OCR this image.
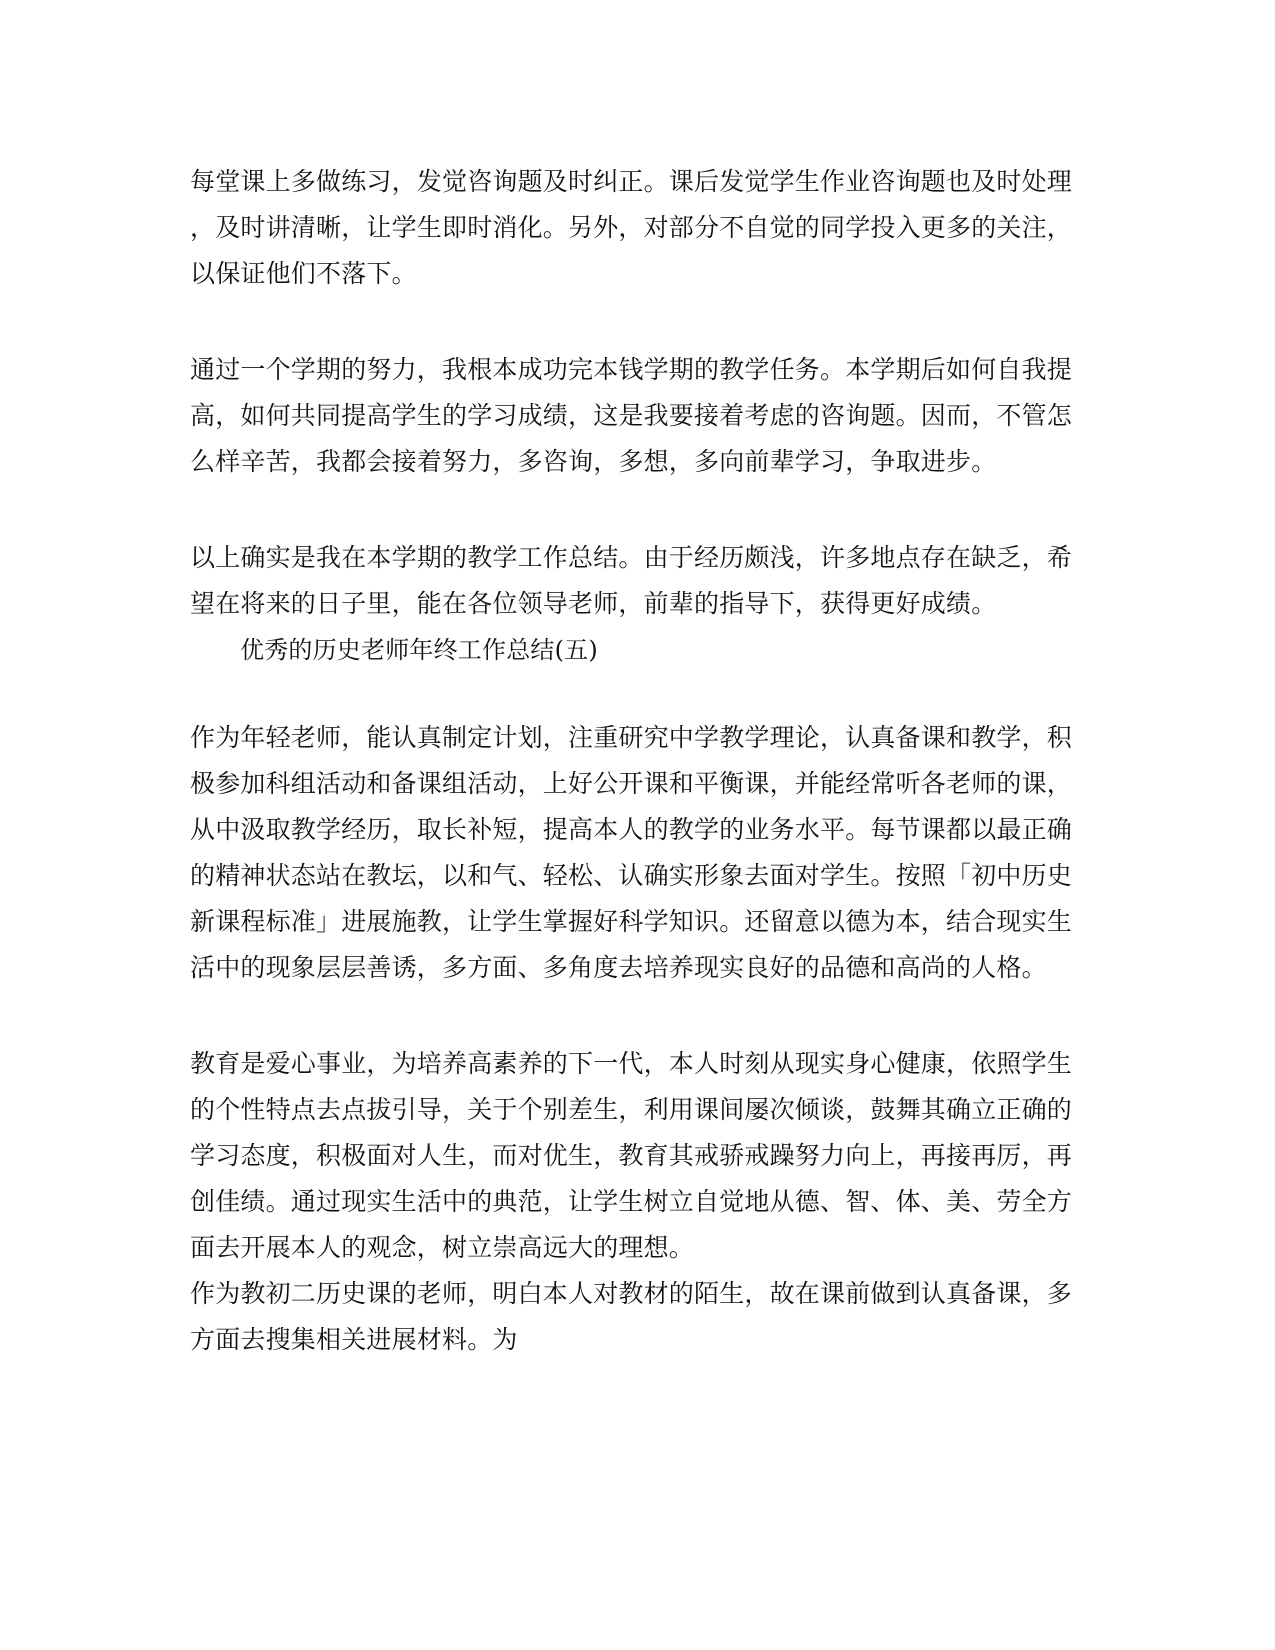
每堂课上多做练习，发觉咨询题及时纠正。课后发觉学生作业咨询题也及时处理
，及时讲清晰，让学生即时消化。另外，对部分不自觉的同学投入更多的关注，
以保证他们不落下。
通过一个学期的努力，我根本成功完本钱学期的教学任务。本学期后如何自我提
高，如何共同提高学生的学习成绩，这是我要接着考虑的咨询题。因而，不管怎
么样辛苦，我都会接着努力，多咨询，多想，多向前辈学习，争取进步。
以上确实是我在本学期的教学工作总结。由于经历颇浅，许多地点存在缺乏，希
望在将来的日子里，能在各位领导老师，前辈的指导下，获得更好成绩。
优秀的历史老师年终工作总结(五)
作为年轻老师，能认真制定计划，注重研究中学教学理论，认真备课和教学，积
极参加科组活动和备课组活动，上好公开课和平衡课，并能经常听各老师的课，
从中汲取教学经历，取长补短，提高本人的教学的业务水平。每节课都以最正确
的精神状态站在教坛，以和气、轻松、认确实形象去面对学生。按照「初中历史
新课程标准」进展施教，让学生掌握好科学知识。还留意以德为本，结合现实生
活中的现象层层善诱，多方面、多角度去培养现实良好的品德和高尚的人格。
教育是爱心事业，为培养高素养的下一代，本人时刻从现实身心健康，依照学生
的个性特点去点拔引导，关于个别差生，利用课间屡次倾谈，鼓舞其确立正确的
学习态度，积极面对人生，而对优生，教育其戒骄戒躁努力向上，再接再厉，再
创佳绩。通过现实生活中的典范，让学生树立自觉地从德、智、体、美、劳全方
面去开展本人的观念，树立崇高远大的理想。
作为教初二历史课的老师，明白本人对教材的陌生，故在课前做到认真备课，多
方面去搜集相关进展材料。为
